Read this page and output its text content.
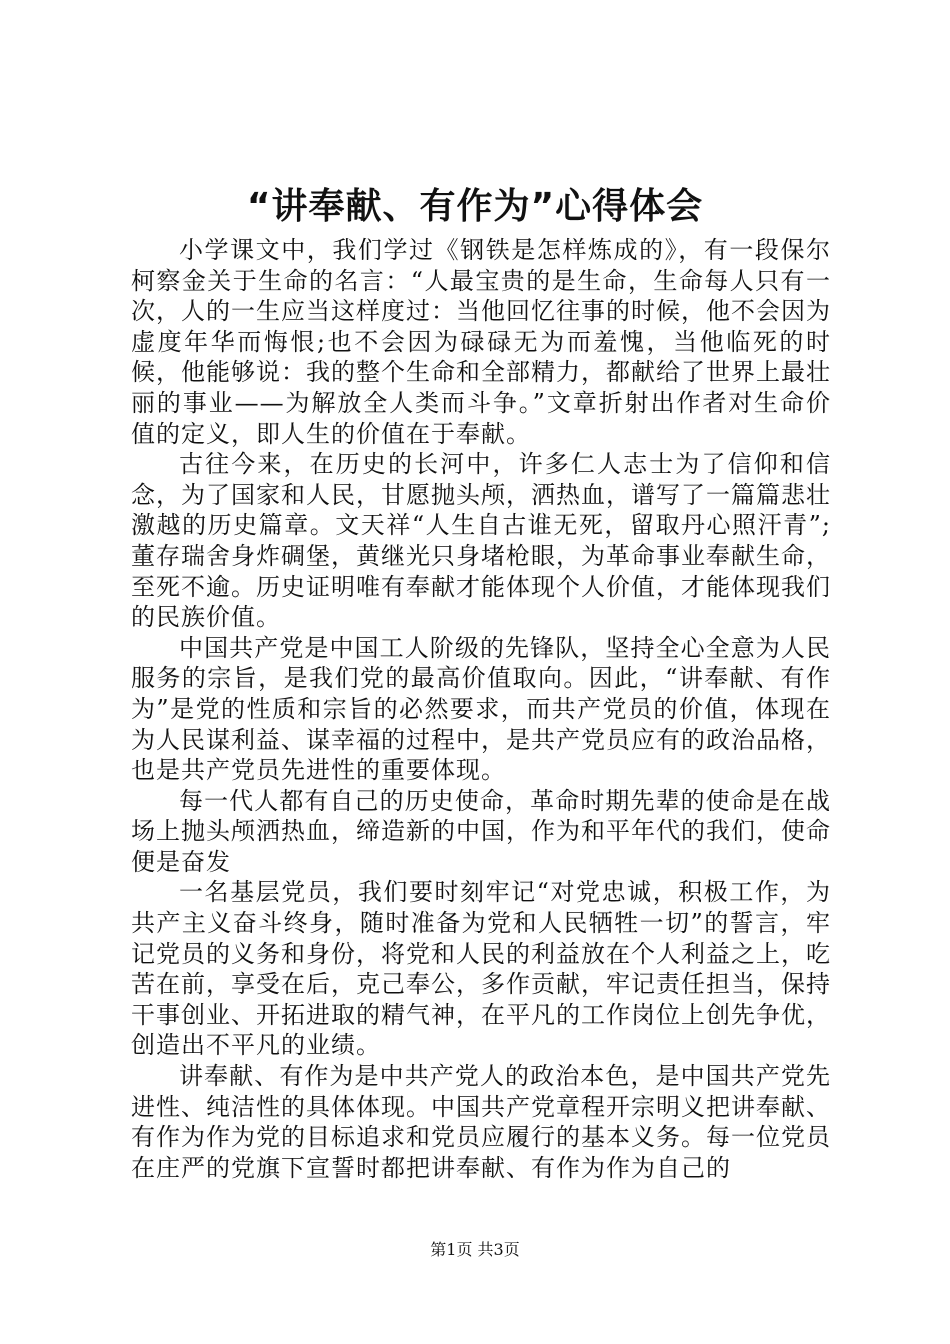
“讲奉献、有作为”心得体会

小学课文中，我们学过《钢铁是怎样炼成的》，有一段保尔柯察金关于生命的名言：“人最宝贵的是生命，生命每人只有一次，人的一生应当这样度过：当他回忆往事的时候，他不会因为虚度年华而悔恨;也不会因为碌碌无为而羞愧，当他临死的时候，他能够说：我的整个生命和全部精力，都献给了世界上最壮丽的事业——为解放全人类而斗争。”文章折射出作者对生命价值的定义，即人生的价值在于奉献。

古往今来，在历史的长河中，许多仁人志士为了信仰和信念，为了国家和人民，甘愿抛头颅，洒热血，谱写了一篇篇悲壮激越的历史篇章。文天祥“人生自古谁无死，留取丹心照汗青”;董存瑞舍身炸碉堡，黄继光只身堵枪眼，为革命事业奉献生命，至死不逾。历史证明唯有奉献才能体现个人价值，才能体现我们的民族价值。

中国共产党是中国工人阶级的先锋队，坚持全心全意为人民服务的宗旨，是我们党的最高价值取向。因此，“讲奉献、有作为”是党的性质和宗旨的必然要求，而共产党员的价值，体现在为人民谋利益、谋幸福的过程中，是共产党员应有的政治品格，也是共产党员先进性的重要体现。

每一代人都有自己的历史使命，革命时期先辈的使命是在战场上抛头颅洒热血，缔造新的中国，作为和平年代的我们，使命便是奋发

一名基层党员，我们要时刻牢记“对党忠诚，积极工作，为共产主义奋斗终身，随时准备为党和人民牺牲一切”的誓言，牢记党员的义务和身份，将党和人民的利益放在个人利益之上，吃苦在前，享受在后，克己奉公，多作贡献，牢记责任担当，保持干事创业、开拓进取的精气神，在平凡的工作岗位上创先争优，创造出不平凡的业绩。

讲奉献、有作为是中共产党人的政治本色，是中国共产党先进性、纯洁性的具体体现。中国共产党章程开宗明义把讲奉献、有作为作为党的目标追求和党员应履行的基本义务。每一位党员在庄严的党旗下宣誓时都把讲奉献、有作为作为自己的

第1页 共3页
